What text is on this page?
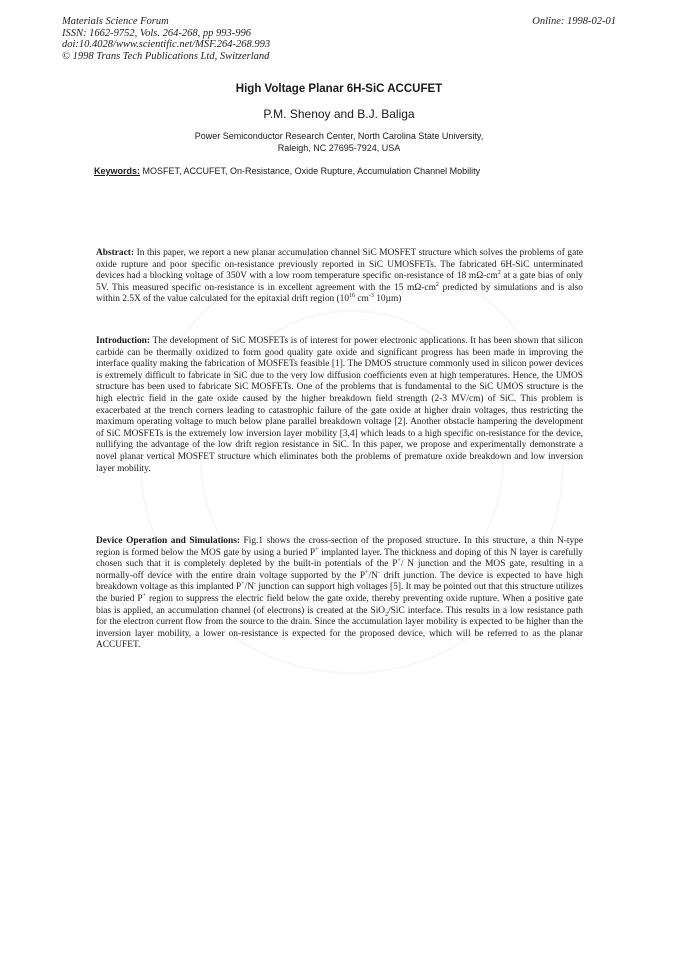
Materials Science Forum
ISSN: 1662-9752, Vols. 264-268, pp 993-996
doi:10.4028/www.scientific.net/MSF.264-268.993
© 1998 Trans Tech Publications Ltd, Switzerland
Online: 1998-02-01
High Voltage Planar 6H-SiC ACCUFET
P.M. Shenoy and B.J. Baliga
Power Semiconductor Research Center, North Carolina State University,
Raleigh, NC 27695-7924, USA
Keywords: MOSFET, ACCUFET, On-Resistance, Oxide Rupture, Accumulation Channel Mobility

Abstract: In this paper, we report a new planar accumulation channel SiC MOSFET structure which solves the problems of gate oxide rupture and poor specific on-resistance previously reported in SiC UMOSFETs. The fabricated 6H-SiC unterminated devices had a blocking voltage of 350V with a low room temperature specific on-resistance of 18 $m\Omega-cm^2$ at a gate bias of only 5V. This measured specific on-resistance is in excellent agreement with the 15 $m\Omega-cm^2$ predicted by simulations and is also within 2.5X of the value calculated for the epitaxial drift region ($10^{16}$ $cm^{-3}$ 10µm)

Introduction: The development of SiC MOSFETs is of interest for power electronic applications. It has been shown that silicon carbide can be thermally oxidized to form good quality gate oxide and significant progress has been made in improving the interface quality making the fabrication of MOSFETs feasible [1]. The DMOS structure commonly used in silicon power devices is extremely difficult to fabricate in SiC due to the very low diffusion coefficients even at high temperatures. Hence, the UMOS structure has been used to fabricate SiC MOSFETs. One of the problems that is fundamental to the SiC UMOS structure is the high electric field in the gate oxide caused by the higher breakdown field strength (2-3 MV/cm) of SiC. This problem is exacerbated at the trench corners leading to catastrophic failure of the gate oxide at higher drain voltages, thus restricting the maximum operating voltage to much below plane parallel breakdown voltage [2]. Another obstacle hampering the development of SiC MOSFETs is the extremely low inversion layer mobility [3,4] which leads to a high specific on-resistance for the device, nullifying the advantage of the low drift region resistance in SiC. In this paper, we propose and experimentally demonstrate a novel planar vertical MOSFET structure which eliminates both the problems of premature oxide breakdown and low inversion layer mobility.

Device Operation and Simulations: Fig.1 shows the cross-section of the proposed structure. In this structure, a thin N-type region is formed below the MOS gate by using a buried P+ implanted layer. The thickness and doping of this N layer is carefully chosen such that it is completely depleted by the built-in potentials of the P+/ N junction and the MOS gate, resulting in a normally-off device with the entire drain voltage supported by the P+/N- drift junction. The device is expected to have high breakdown voltage as this implanted P+/N- junction can support high voltages [5]. It may be pointed out that this structure utilizes the buried P+ region to suppress the electric field below the gate oxide, thereby preventing oxide rupture. When a positive gate bias is applied, an accumulation channel (of electrons) is created at the SiO$_2$/SiC interface. This results in a low resistance path for the electron current flow from the source to the drain. Since the accumulation layer mobility is expected to be higher than the inversion layer mobility, a lower on-resistance is expected for the proposed device, which will be referred to as the planar ACCUFET.
